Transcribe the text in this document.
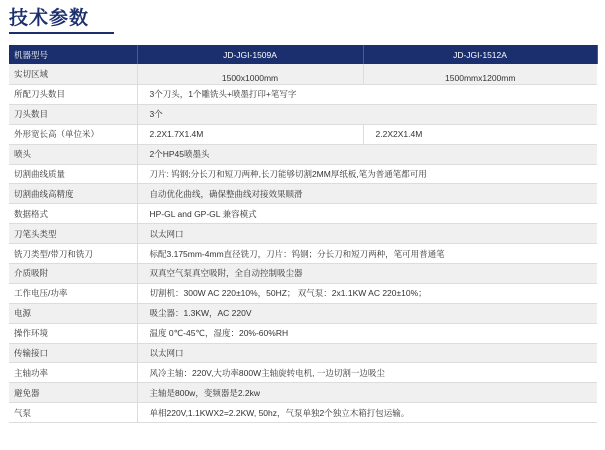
技术参数
机器型号	JD-JGI-1509A	JD-JGI-1512A
实切区域	1500x1000mm	1500mmx1200mm
所配刀头数目	3个刀头，1个雕铣头+喷墨打印+笔写字	
刀头数目	3个	
外形宽长高（单位米）	2.2X1.7X1.4M	2.2X2X1.4M
喷头	2个HP45喷墨头	
切割曲线质量	刀片: 钨钢;分长刀和短刀两种,长刀能够切割2MM厚纸板,笔为普通笔都可用	
切割曲线高精度	自动优化曲线，确保整曲线对接效果顺滑	
数据格式	HP-GL and GP-GL 兼容模式	
刀笔头类型	以太网口	
铣刀类型/带刀和铣刀	标配3.175mm-4mm直径铣刀，刀片：钨钢；分长刀和短刀两种，笔可用普通笔	
介质吸附	双真空气泵真空吸附，全自动控制吸尘器	
工作电压/功率	切割机：300W AC 220±10%，50HZ； 双气泵：2x1.1KW AC 220±10%；	
电源	吸尘器：1.3KW，AC 220V	
操作环境	温度 0℃-45℃，湿度：20%-60%RH	
传输接口	以太网口	
主轴功率	风冷主轴：220V,大功率800W主轴旋转电机, 一边切割一边吸尘	
避免器	主轴是800w，变频器是2.2kw	
气泵	单相220V,1.1KWX2=2.2KW, 50hz，气泵单独2个独立木箱打包运输。	
